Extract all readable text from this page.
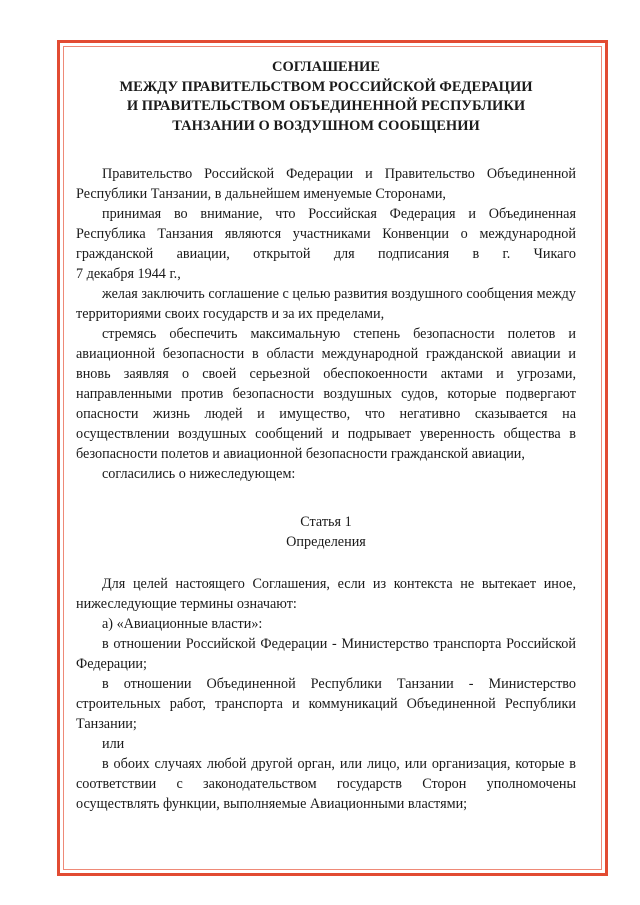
СОГЛАШЕНИЕ
МЕЖДУ ПРАВИТЕЛЬСТВОМ РОССИЙСКОЙ ФЕДЕРАЦИИ
И ПРАВИТЕЛЬСТВОМ ОБЪЕДИНЕННОЙ РЕСПУБЛИКИ
ТАНЗАНИИ О ВОЗДУШНОМ СООБЩЕНИИ

Правительство Российской Федерации и Правительство Объединенной Республики Танзании, в дальнейшем именуемые Сторонами,

принимая во внимание, что Российская Федерация и Объединенная Республика Танзания являются участниками Конвенции о международной гражданской авиации, открытой для подписания в г. Чикаго

7 декабря 1944 г.,

желая заключить соглашение с целью развития воздушного сообщения между территориями своих государств и за их пределами,

стремясь обеспечить максимальную степень безопасности полетов и авиационной безопасности в области международной гражданской авиации и вновь заявляя о своей серьезной обеспокоенности актами и угрозами, направленными против безопасности воздушных судов, которые подвергают опасности жизнь людей и имущество, что негативно сказывается на осуществлении воздушных сообщений и подрывает уверенность общества в безопасности полетов и авиационной безопасности гражданской авиации,

согласились о нижеследующем:

Статья 1

Определения

Для целей настоящего Соглашения, если из контекста не вытекает иное, нижеследующие термины означают:

а) «Авиационные власти»:

в отношении Российской Федерации - Министерство транспорта Российской Федерации;

в отношении Объединенной Республики Танзании - Министерство строительных работ, транспорта и коммуникаций Объединенной Республики Танзании;

или

в обоих случаях любой другой орган, или лицо, или организация, которые в соответствии с законодательством государств Сторон уполномочены осуществлять функции, выполняемые Авиационными властями;
